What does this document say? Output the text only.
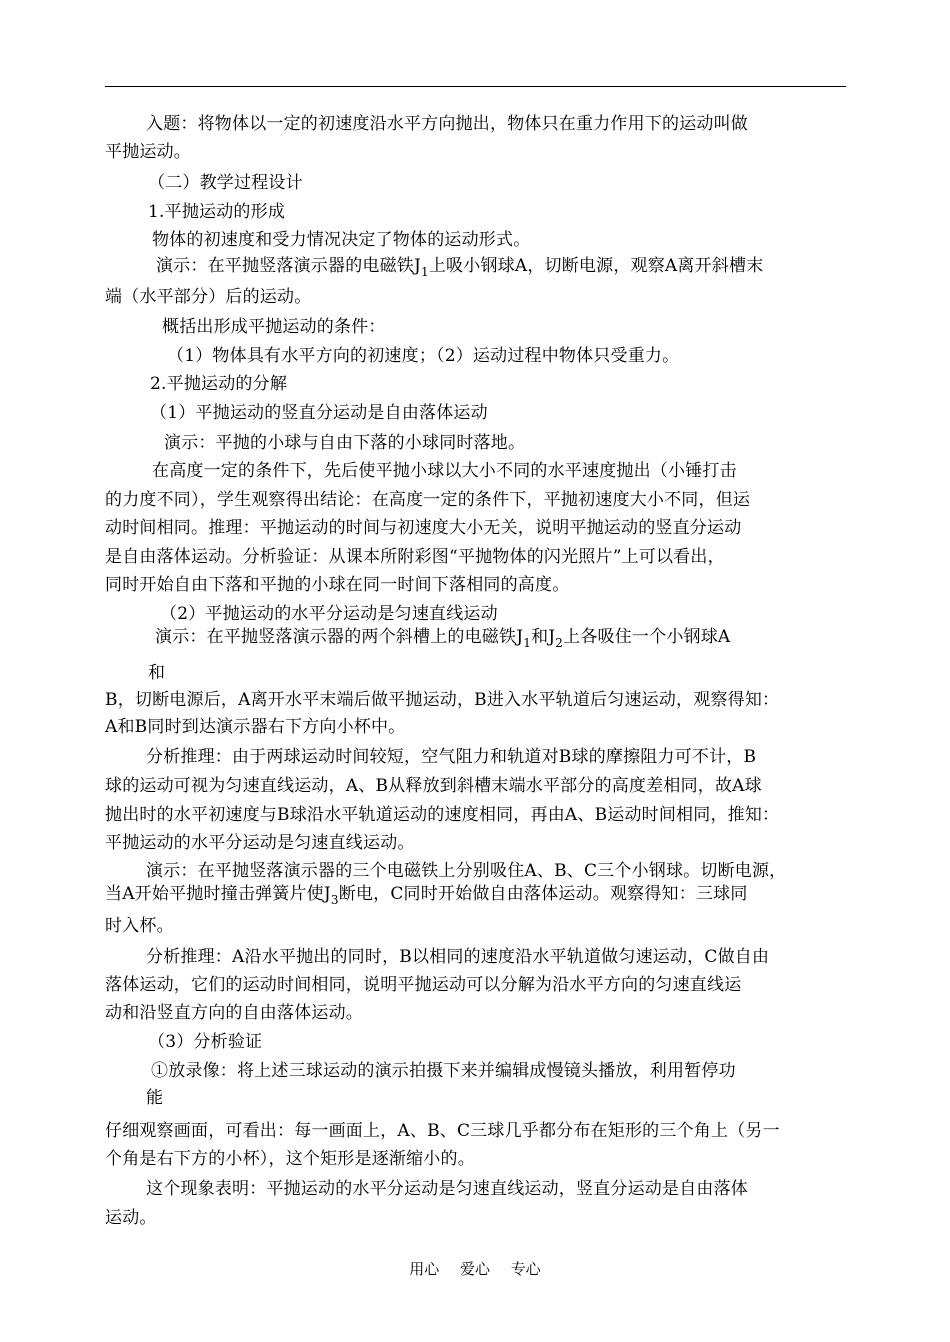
入题：将物体以一定的初速度沿水平方向抛出，物体只在重力作用下的运动叫做
平抛运动。
（二）教学过程设计
1.平抛运动的形成
物体的初速度和受力情况决定了物体的运动形式。
演示：在平抛竖落演示器的电磁铁$J_1$上吸小钢球A，切断电源，观察A离开斜槽末
端（水平部分）后的运动。
概括出形成平抛运动的条件：
（1）物体具有水平方向的初速度；（2）运动过程中物体只受重力。
2.平抛运动的分解
（1）平抛运动的竖直分运动是自由落体运动
演示：平抛的小球与自由下落的小球同时落地。
在高度一定的条件下，先后使平抛小球以大小不同的水平速度抛出（小锤打击
的力度不同），学生观察得出结论：在高度一定的条件下，平抛初速度大小不同，但运
动时间相同。推理：平抛运动的时间与初速度大小无关，说明平抛运动的竖直分运动
是自由落体运动。分析验证：从课本所附彩图“平抛物体的闪光照片”上可以看出，
同时开始自由下落和平抛的小球在同一时间下落相同的高度。
（2）平抛运动的水平分运动是匀速直线运动
演示：在平抛竖落演示器的两个斜槽上的电磁铁$J_1$和$J_2$上各吸住一个小钢球A
和
B，切断电源后，A离开水平末端后做平抛运动，B进入水平轨道后匀速运动，观察得知：
A和B同时到达演示器右下方向小杯中。
分析推理：由于两球运动时间较短，空气阻力和轨道对B球的摩擦阻力可不计，B
球的运动可视为匀速直线运动，A、B从释放到斜槽末端水平部分的高度差相同，故A球
抛出时的水平初速度与B球沿水平轨道运动的速度相同，再由A、B运动时间相同，推知：
平抛运动的水平分运动是匀速直线运动。
演示：在平抛竖落演示器的三个电磁铁上分别吸住A、B、C三个小钢球。切断电源，
当A开始平抛时撞击弹簧片使$J_3$断电，C同时开始做自由落体运动。观察得知：三球同
时入杯。
分析推理：A沿水平抛出的同时，B以相同的速度沿水平轨道做匀速运动，C做自由
落体运动，它们的运动时间相同，说明平抛运动可以分解为沿水平方向的匀速直线运
动和沿竖直方向的自由落体运动。
（3）分析验证
①放录像：将上述三球运动的演示拍摄下来并编辑成慢镜头播放，利用暂停功
能
仔细观察画面，可看出：每一画面上，A、B、C三球几乎都分布在矩形的三个角上（另一
个角是右下方的小杯），这个矩形是逐渐缩小的。
这个现象表明：平抛运动的水平分运动是匀速直线运动，竖直分运动是自由落体
运动。
用心 爱心 专心
